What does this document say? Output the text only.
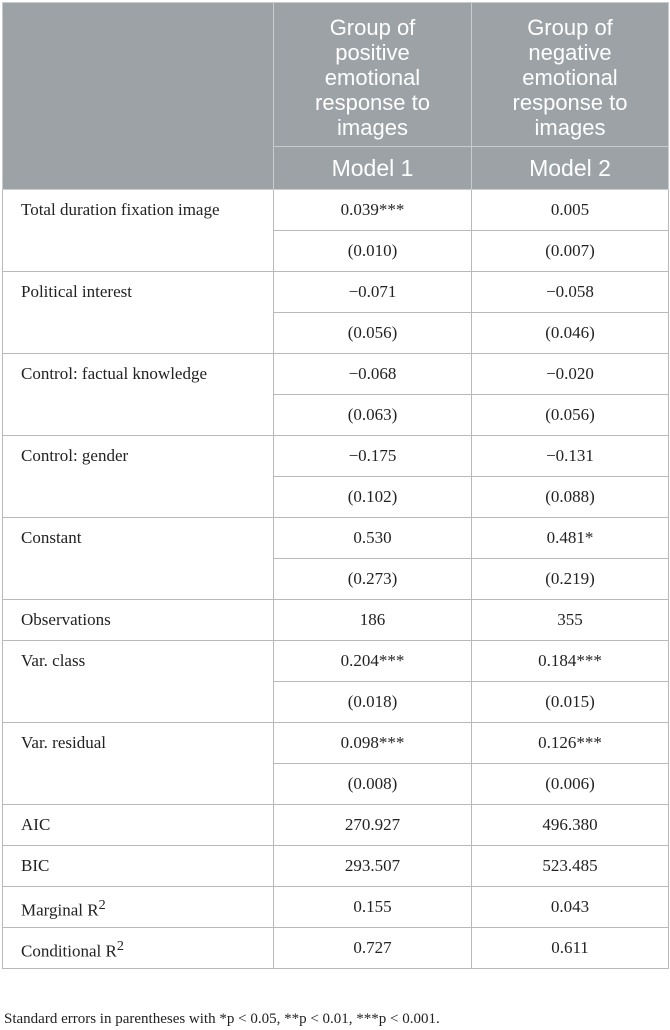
	Group of positive emotional response to images	Group of negative emotional response to images
	Model 1	Model 2
Total duration fixation image	0.039***	0.005
	(0.010)	(0.007)
Political interest	−0.071	−0.058
	(0.056)	(0.046)
Control: factual knowledge	−0.068	−0.020
	(0.063)	(0.056)
Control: gender	−0.175	−0.131
	(0.102)	(0.088)
Constant	0.530	0.481*
	(0.273)	(0.219)
Observations	186	355
Var. class	0.204***	0.184***
	(0.018)	(0.015)
Var. residual	0.098***	0.126***
	(0.008)	(0.006)
AIC	270.927	496.380
BIC	293.507	523.485
Marginal $R^2$	0.155	0.043
Conditional $R^2$	0.727	0.611
Standard errors in parentheses with *p < 0.05, **p < 0.01, ***p < 0.001.
